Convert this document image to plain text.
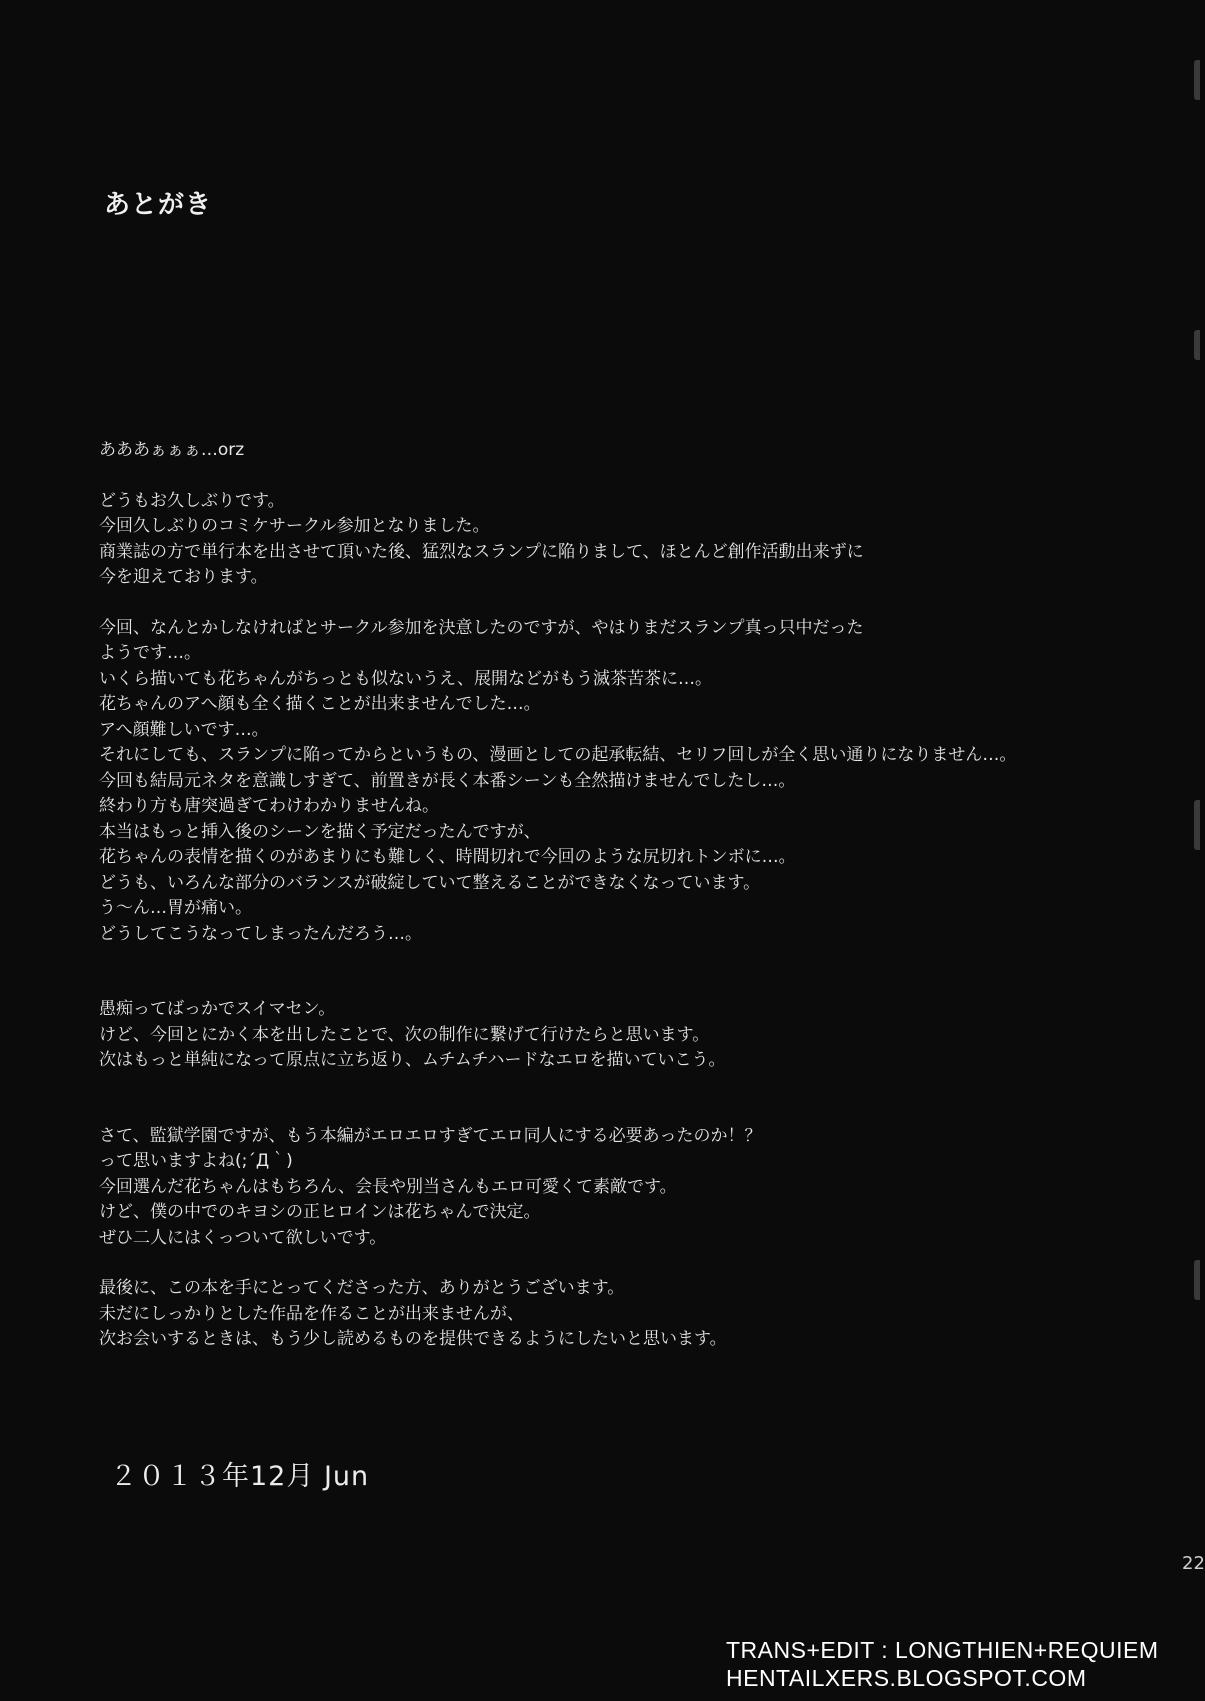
あとがき
あああぁぁぁ…orz
どうもお久しぶりです。
今回久しぶりのコミケサークル参加となりました。
商業誌の方で単行本を出させて頂いた後、猛烈なスランプに陥りまして、ほとんど創作活動出来ずに
今を迎えております。
今回、なんとかしなければとサークル参加を決意したのですが、やはりまだスランプ真っ只中だった
ようです…。
いくら描いても花ちゃんがちっとも似ないうえ、展開などがもう滅茶苦茶に…。
花ちゃんのアへ顔も全く描くことが出来ませんでした…。
アへ顔難しいです…。
それにしても、スランプに陥ってからというもの、漫画としての起承転結、セリフ回しが全く思い通りになりません…。
今回も結局元ネタを意識しすぎて、前置きが長く本番シーンも全然描けませんでしたし…。
終わり方も唐突過ぎてわけわかりませんね。
本当はもっと挿入後のシーンを描く予定だったんですが、
花ちゃんの表情を描くのがあまりにも難しく、時間切れで今回のような尻切れトンボに…。
どうも、いろんな部分のバランスが破綻していて整えることができなくなっています。
う～ん…胃が痛い。
どうしてこうなってしまったんだろう…。
愚痴ってばっかでスイマセン。
けど、今回とにかく本を出したことで、次の制作に繋げて行けたらと思います。
次はもっと単純になって原点に立ち返り、ムチムチハードなエロを描いていこう。
さて、監獄学園ですが、もう本編がエロエロすぎてエロ同人にする必要あったのか！？
って思いますよね(;´Д｀)
今回選んだ花ちゃんはもちろん、会長や別当さんもエロ可愛くて素敵です。
けど、僕の中でのキヨシの正ヒロインは花ちゃんで決定。
ぜひ二人にはくっついて欲しいです。
最後に、この本を手にとってくださった方、ありがとうございます。
未だにしっかりとした作品を作ることが出来ませんが、
次お会いするときは、もう少し読めるものを提供できるようにしたいと思います。
２０１３年12月 Jun
22
TRANS+EDIT : LONGTHIEN+REQUIEM
HENTAILXERS.BLOGSPOT.COM
